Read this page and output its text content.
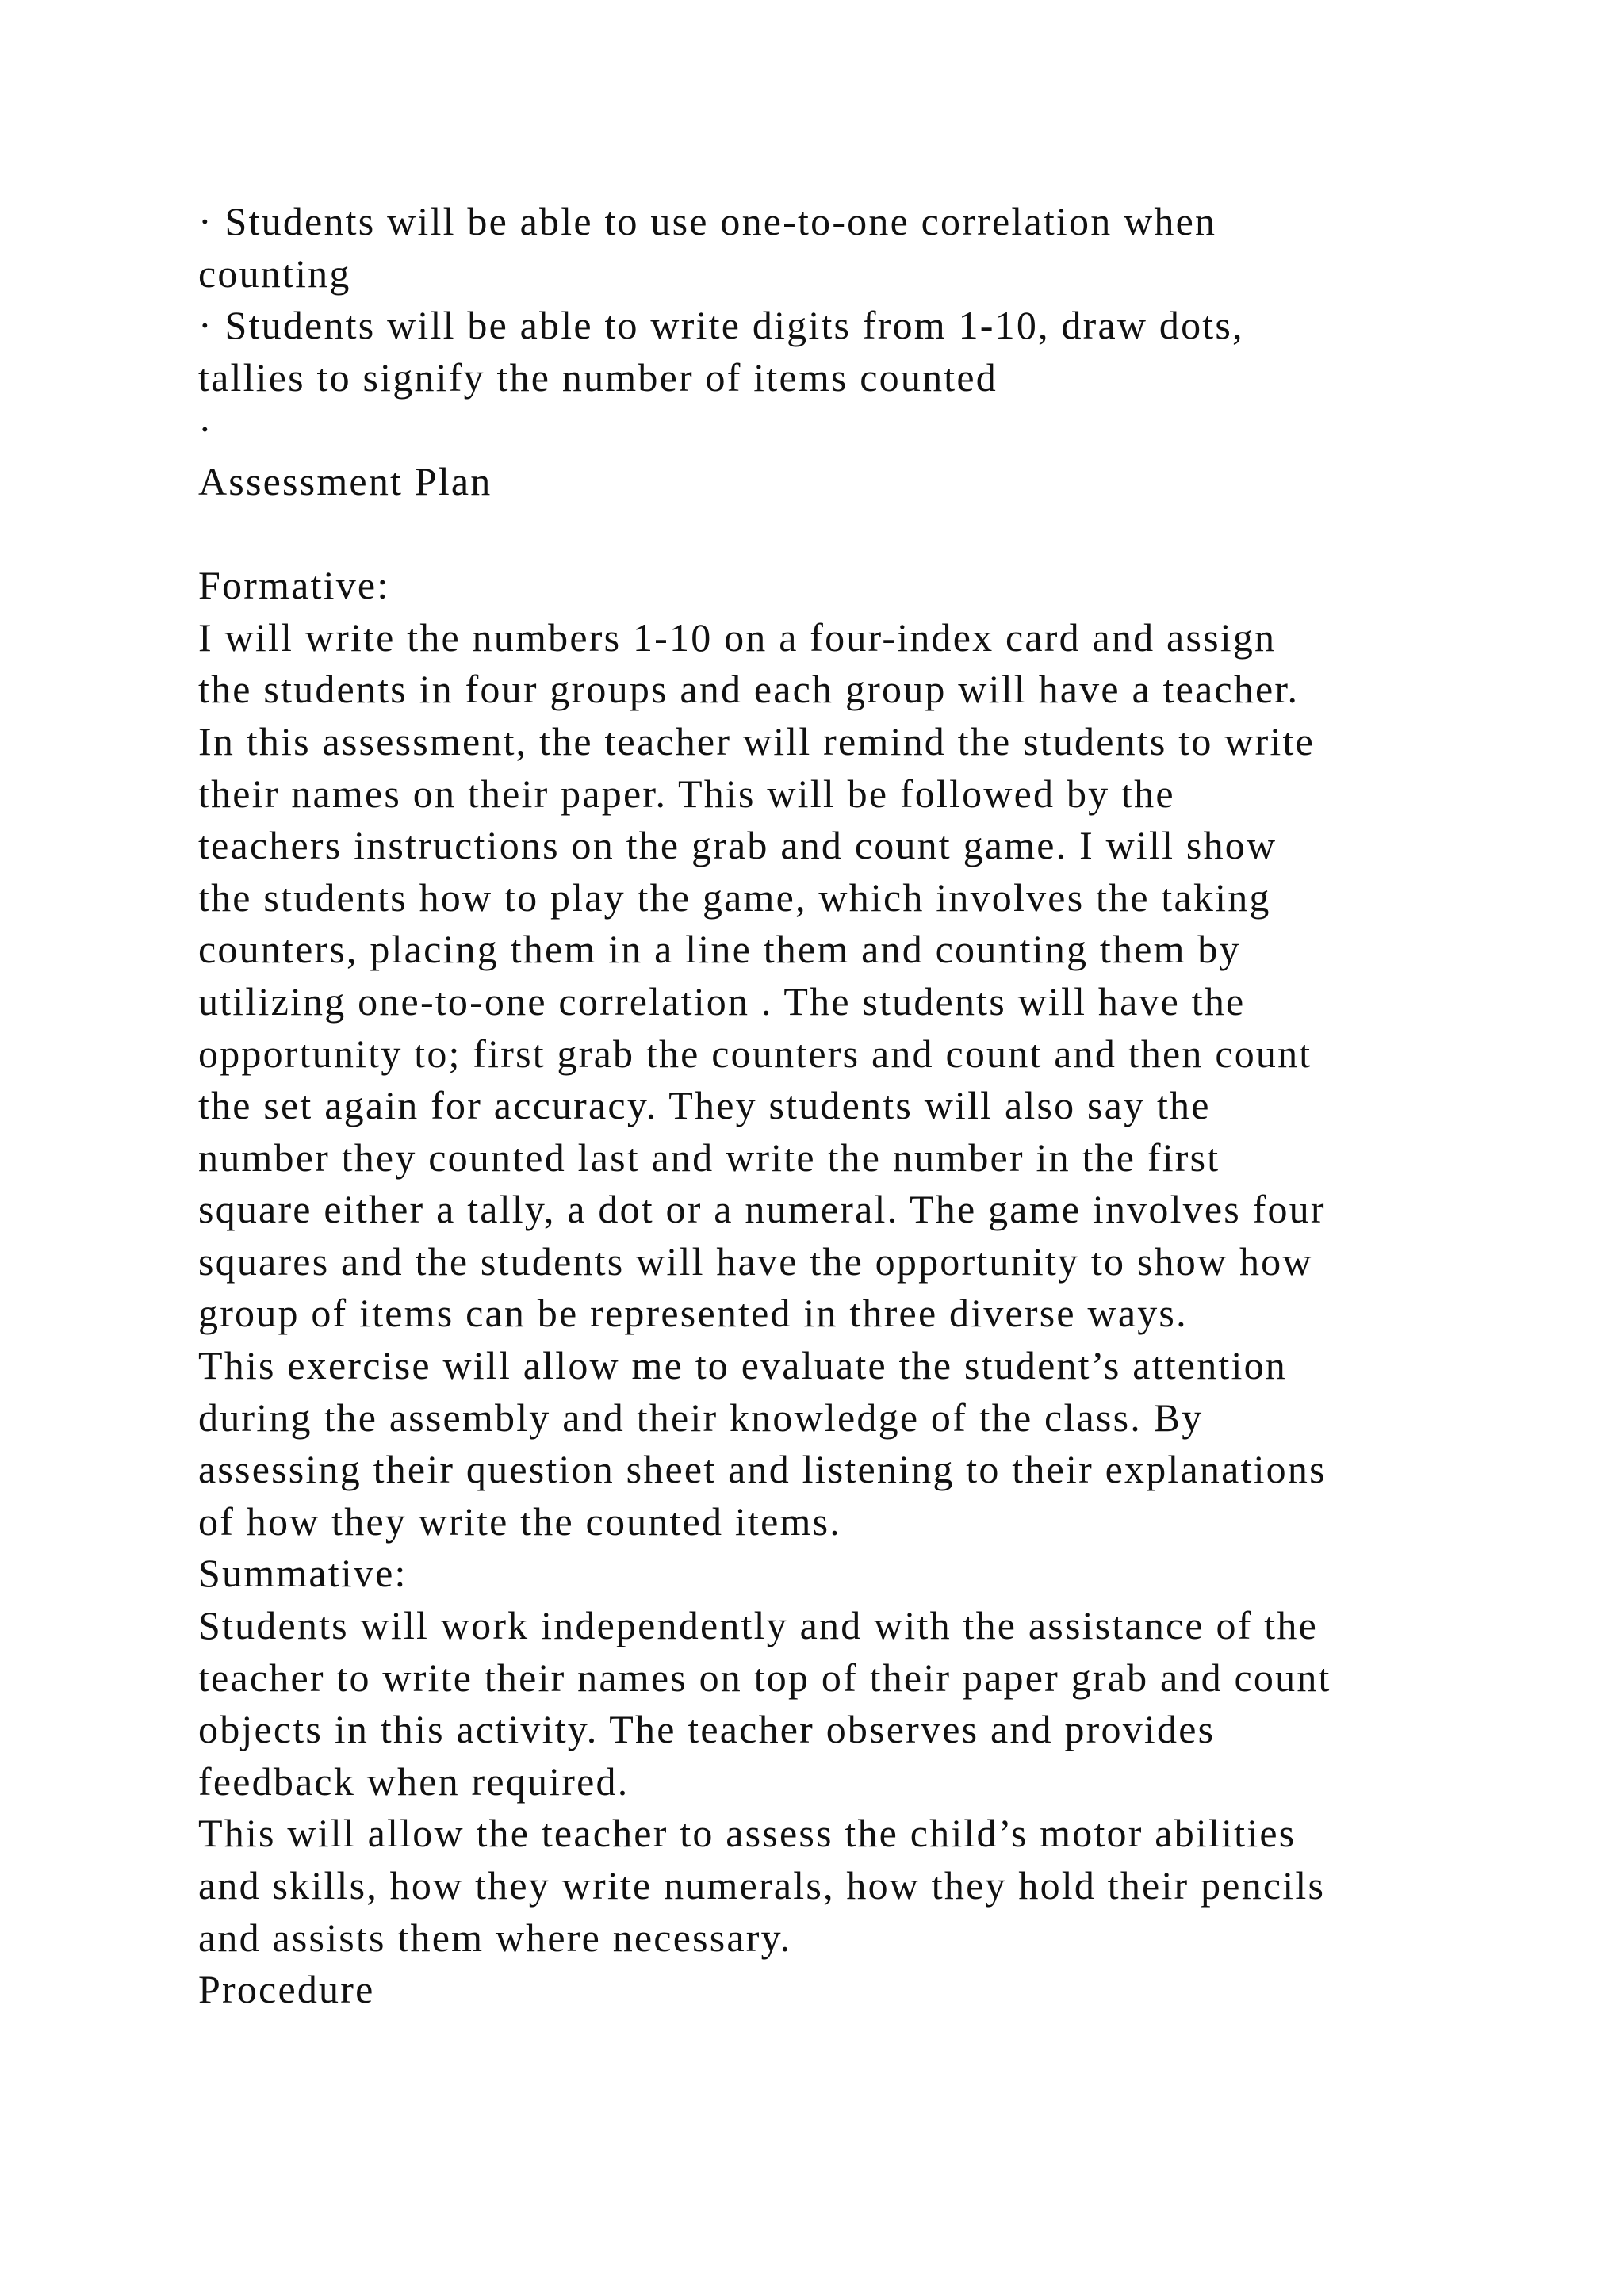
· Students will be able to use one-to-one correlation when
counting
· Students will be able to write digits from 1-10, draw dots,
tallies to signify the number of items counted
·
Assessment Plan
Formative:
I will write the numbers 1-10 on a four-index card and assign
the students in four groups and each group will have a teacher.
In this assessment, the teacher will remind the students to write
their names on their paper. This will be followed by the
teachers instructions on the grab and count game. I will show
the students how to play the game, which involves the taking
counters, placing them in a line them and counting them by
utilizing one-to-one correlation . The students will have the
opportunity to; first grab the counters and count and then count
the set again for accuracy. They students will also say the
number they counted last and write the number in the first
square either a tally, a dot or a numeral. The game involves four
squares and the students will have the opportunity to show how
group of items can be represented in three diverse ways.
This exercise will allow me to evaluate the student’s attention
during the assembly and their knowledge of the class. By
assessing their question sheet and listening to their explanations
of how they write the counted items.
Summative:
Students will work independently and with the assistance of the
teacher to write their names on top of their paper grab and count
objects in this activity. The teacher observes and provides
feedback when required.
This will allow the teacher to assess the child’s motor abilities
and skills, how they write numerals, how they hold their pencils
and assists them where necessary.
Procedure
